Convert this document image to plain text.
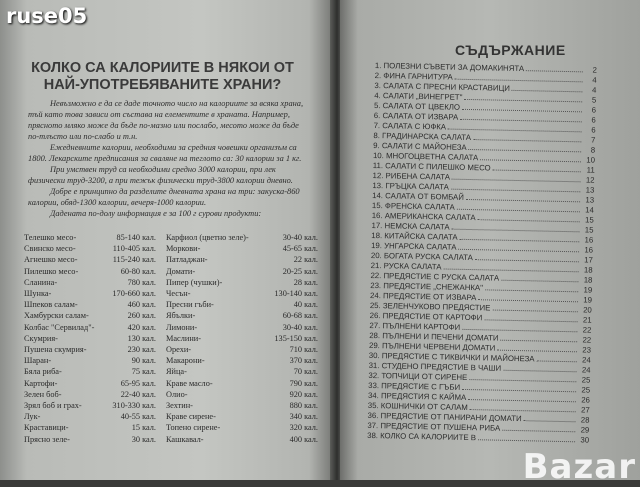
ruse05
КОЛКО СА КАЛОРИИТЕ В НЯКОИ ОТ
НАЙ-УПОТРЕБЯВАНИТЕ ХРАНИ?

Невъзможно е да се даде точното число на калориите за всяка храна, тъй като това зависи от състава на елементите в храната. Например, прясното мляко може да бъде по-мазно или послабо, месото може да бъде по-тлъсто или по-слабо и т.н.

Ежедневните калории, необходими за средния човешки организъм са 1800. Лекарските предписания за сваляне на теглото са: 30 калории за 1 кг.

При умствен труд са необходими средно 3000 калории, при лек физически труд-3200, а при тежък физически труд-3800 калории дневно.

Добре е принципно да разделите дневната храна на три: закуска-860 калории, обяд-1300 калории, вечеря-1000 калории.

Дадената по-долу информация е за 100 г сурови продукти:

Телешко месо-	85-140 кал. Карфиол (цветно зеле)-	30-40 кал.
Свинско месо-	110-405 кал. Моркови-	45-65 кал.
Агнешко месо-	115-240 кал. Патладжан-	22 кал.
Пилешко месо-	60-80 кал. Домати-	20-25 кал.
Сланина-	780 кал. Пипер (чушки)-	28 кал.
Шунка-	170-660 кал. Чесън-	130-140 кал.
Шпеков салам-	460 кал. Пресни гъби-	40 кал.
Хамбурски салам-	260 кал. Ябълки-	60-68 кал.
Колбас "Сервилад"-	420 кал. Лимони-	30-40 кал.
Скумрия-	130 кал. Маслини-	135-150 кал.
Пушена скумрия-	230 кал. Орехи-	710 кал.
Шаран-	90 кал. Макарони-	370 кал.
Бяла риба-	75 кал. Яйца-	70 кал.
Картофи-	65-95 кал. Краве масло-	790 кал.
Зелен боб-	22-40 кал. Олио-	920 кал.
Зрял боб и грах-	310-330 кал. Зехтин-	880 кал.
Лук-	40-55 кал. Краве сирене-	340 кал.
Краставици-	15 кал. Топено сирене-	320 кал.
Прясно зеле-	30 кал. Кашкавал-	400 кал.
СЪДЪРЖАНИЕ
1. ПОЛЕЗНИ СЪВЕТИ ЗА ДОМАКИНЯТА	2
2. ФИНА ГАРНИТУРА	4
3. САЛАТА С ПРЕСНИ КРАСТАВИЦИ	4
4. САЛАТИ „ВИНЕГРЕТ"	5
5. САЛАТА ОТ ЦВЕКЛО	6
6. САЛАТА ОТ ИЗВАРА	6
7. САЛАТА С ЮФКА	6
8. ГРАДИНАРСКА САЛАТА	7
9. САЛАТИ С МАЙОНЕЗА	8
10. МНОГОЦВЕТНА САЛАТА	10
11. САЛАТИ С ПИЛЕШКО МЕСО	11
12. РИБЕНА САЛАТА	12
13. ГРЪЦКА САЛАТА	13
14. САЛАТА ОТ БОМБАЙ	13
15. ФРЕНСКА САЛАТА	14
16. АМЕРИКАНСКА САЛАТА	15
17. НЕМСКА САЛАТА	15
18. КИТАЙСКА САЛАТА	16
19. УНГАРСКА САЛАТА	16
20. БОГАТА РУСКА САЛАТА	17
21. РУСКА САЛАТА	18
22. ПРЕДЯСТИЕ С РУСКА САЛАТА	18
23. ПРЕДЯСТИЕ „СНЕЖАНКА"	19
24. ПРЕДЯСТИЕ ОТ ИЗВАРА	19
25. ЗЕЛЕНЧУКОВО ПРЕДЯСТИЕ	20
26. ПРЕДЯСТИЕ ОТ КАРТОФИ	21
27. ПЪЛНЕНИ КАРТОФИ	22
28. ПЪЛНЕНИ И ПЕЧЕНИ ДОМАТИ	22
29. ПЪЛНЕНИ ЧЕРВЕНИ ДОМАТИ	23
30. ПРЕДЯСТИЕ С ТИКВИЧКИ И МАЙОНЕЗА	24
31. СТУДЕНО ПРЕДЯСТИЕ В ЧАШИ	24
32. ТОПЧИЦИ ОТ СИРЕНЕ	25
33. ПРЕДЯСТИЕ С ГЪБИ	25
34. ПРЕДЯСТИЯ С КАЙМА	26
35. КОШНИЧКИ ОТ САЛАМ	27
36. ПРЕДЯСТИЕ ОТ ПАНИРАНИ ДОМАТИ	28
37. ПРЕДЯСТИЕ ОТ ПУШЕНА РИБА	29
38. КОЛКО СА КАЛОРИИТЕ В	30
Bazar
